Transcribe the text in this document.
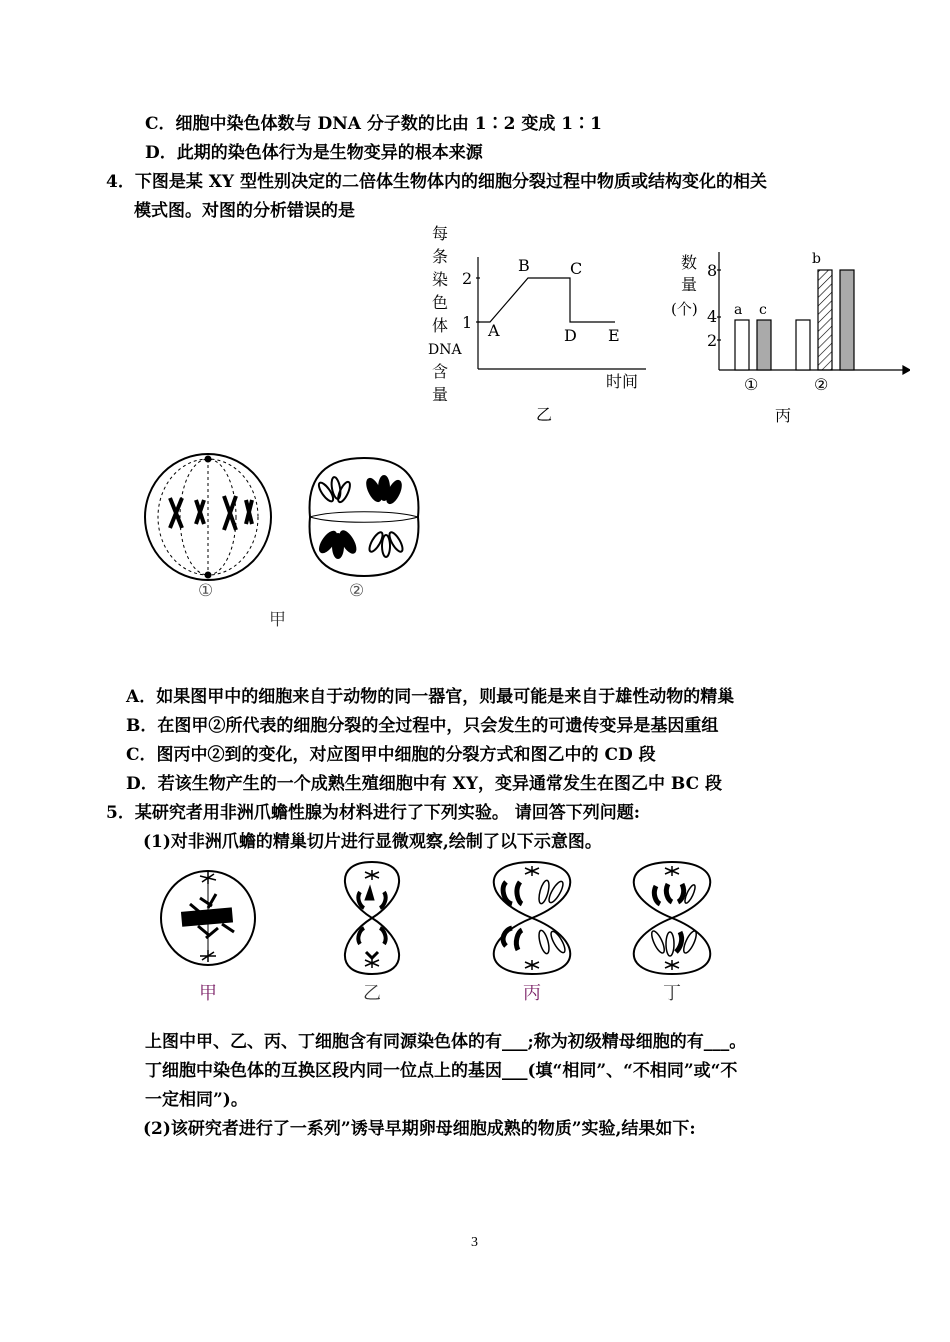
C．细胞中染色体数与 DNA 分子数的比由 1∶2 变成 1∶1
D．此期的染色体行为是生物变异的根本来源
4．下图是某 XY 型性别决定的二倍体生物体内的细胞分裂过程中物质或结构变化的相关
模式图。对图的分析错误的是
每
条
染
色
体
DNA
含
量
2
1 A
B	C
D E
时间
乙
数
量
(个)
8
4
2
a c
b
①	②
丙
①	②
甲
A．如果图甲中的细胞来自于动物的同一器官，则最可能是来自于雄性动物的精巢
B．在图甲②所代表的细胞分裂的全过程中，只会发生的可遗传变异是基因重组
C．图丙中②到的变化，对应图甲中细胞的分裂方式和图乙中的 CD 段
D．若该生物产生的一个成熟生殖细胞中有 XY，变异通常发生在图乙中 BC 段
5．某研究者用非洲爪蟾性腺为材料进行了下列实验。 请回答下列问题:
(1)对非洲爪蟾的精巢切片进行显微观察,绘制了以下示意图。
甲	乙	丙	丁
上图中甲、乙、丙、丁细胞含有同源染色体的有___;称为初级精母细胞的有___。
丁细胞中染色体的互换区段内同一位点上的基因___(填“相同”、“不相同”或“不
一定相同”)。
(2)该研究者进行了一系列”诱导早期卵母细胞成熟的物质”实验,结果如下:
3
